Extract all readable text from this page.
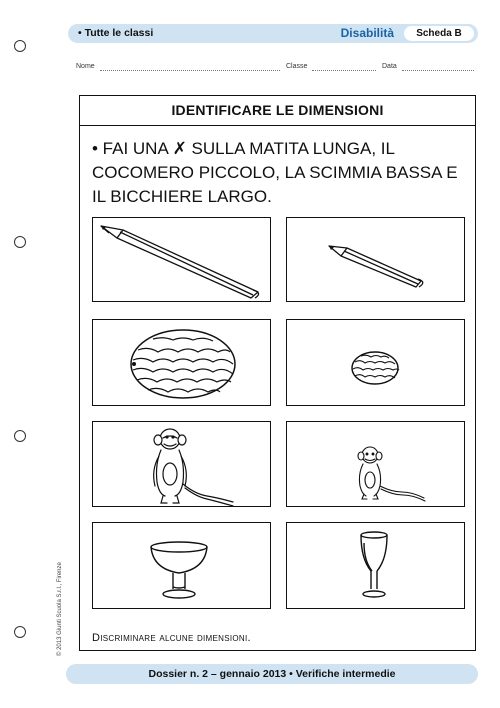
• Tutte le classi	Disabilità	Scheda B
Nome	Classe	Data
IDENTIFICARE LE DIMENSIONI
• FAI UNA ✗ SULLA MATITA LUNGA, IL COCOMERO PICCOLO, LA SCIMMIA BASSA E IL BICCHIERE LARGO.
Discriminare alcune dimensioni.
© 2013 Giunti Scuola S.r.l., Firenze
Dossier n. 2 – gennaio 2013 • Verifiche intermedie
